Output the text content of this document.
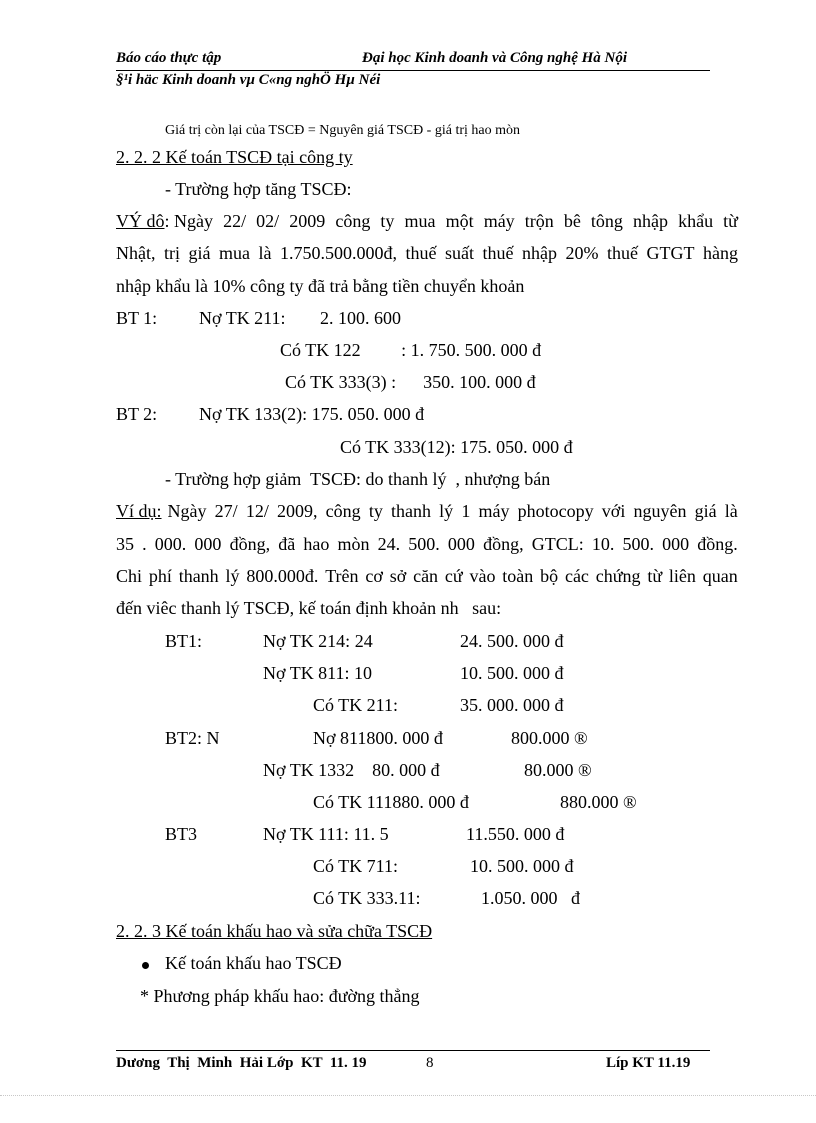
Báo cáo thực tập	Đại học Kinh doanh và Công nghệ Hà Nội
§¹i häc Kinh doanh vµ C«ng nghÖ Hµ Néi
Giá trị còn lại của TSCĐ = Nguyên giá TSCĐ - giá trị hao mòn
2. 2. 2 Kế toán TSCĐ tại công ty
- Trường hợp tăng TSCĐ:
VÝ dô : Ngày 22/ 02/ 2009 công ty mua một máy trộn bê tông nhập khẩu từ
Nhật, trị giá mua là 1.750.500.000đ, thuế suất thuế nhập 20% thuế GTGT hàng
nhập khẩu là 10% công ty đã trả bằng tiền chuyển khoản
BT 1: Nợ TK 211: 2. 100. 600
Có TK 122         : 1. 750. 500. 000 đ
Có TK 333(3) :      350. 100. 000 đ
BT 2: Nợ TK 133(2): 175. 050. 000 đ
Có TK 333(12): 175. 050. 000 đ
- Trường hợp giảm  TSCĐ: do thanh lý  , nhượng bán
Ví dụ: Ngày 27/ 12/ 2009, công ty thanh lý 1 máy photocopy với nguyên giá là
35 . 000. 000 đồng, đã hao mòn 24. 500. 000 đồng, GTCL: 10. 500. 000 đồng.
Chi phí thanh lý 800.000đ. Trên cơ sở căn cứ vào toàn bộ các chứng từ liên quan
đến viêc thanh lý TSCĐ, kế toán định khoản nh   sau:
BT1:	Nợ TK 214: 24	24. 500. 000 đ
Nợ TK 811: 10	10. 500. 000 đ
Có TK 211:	35. 000. 000 đ
BT2: N	Nợ 811800. 000 đ	800.000 ®
Nợ TK 1332    80. 000 đ	80.000 ®
Có TK 111880. 000 đ	880.000 ®
BT3	Nợ TK 111: 11. 5	11.550. 000 đ
Có TK 711:	10. 500. 000 đ
Có TK 333.11:	1.050. 000   đ
2. 2. 3 Kế toán khấu hao và sửa chữa TSCĐ
Kế toán khấu hao TSCĐ
* Phương pháp khấu hao: đường thẳng
Dương  Thị  Minh  Hải Lớp  KT  11. 19	8	Líp KT 11.19
